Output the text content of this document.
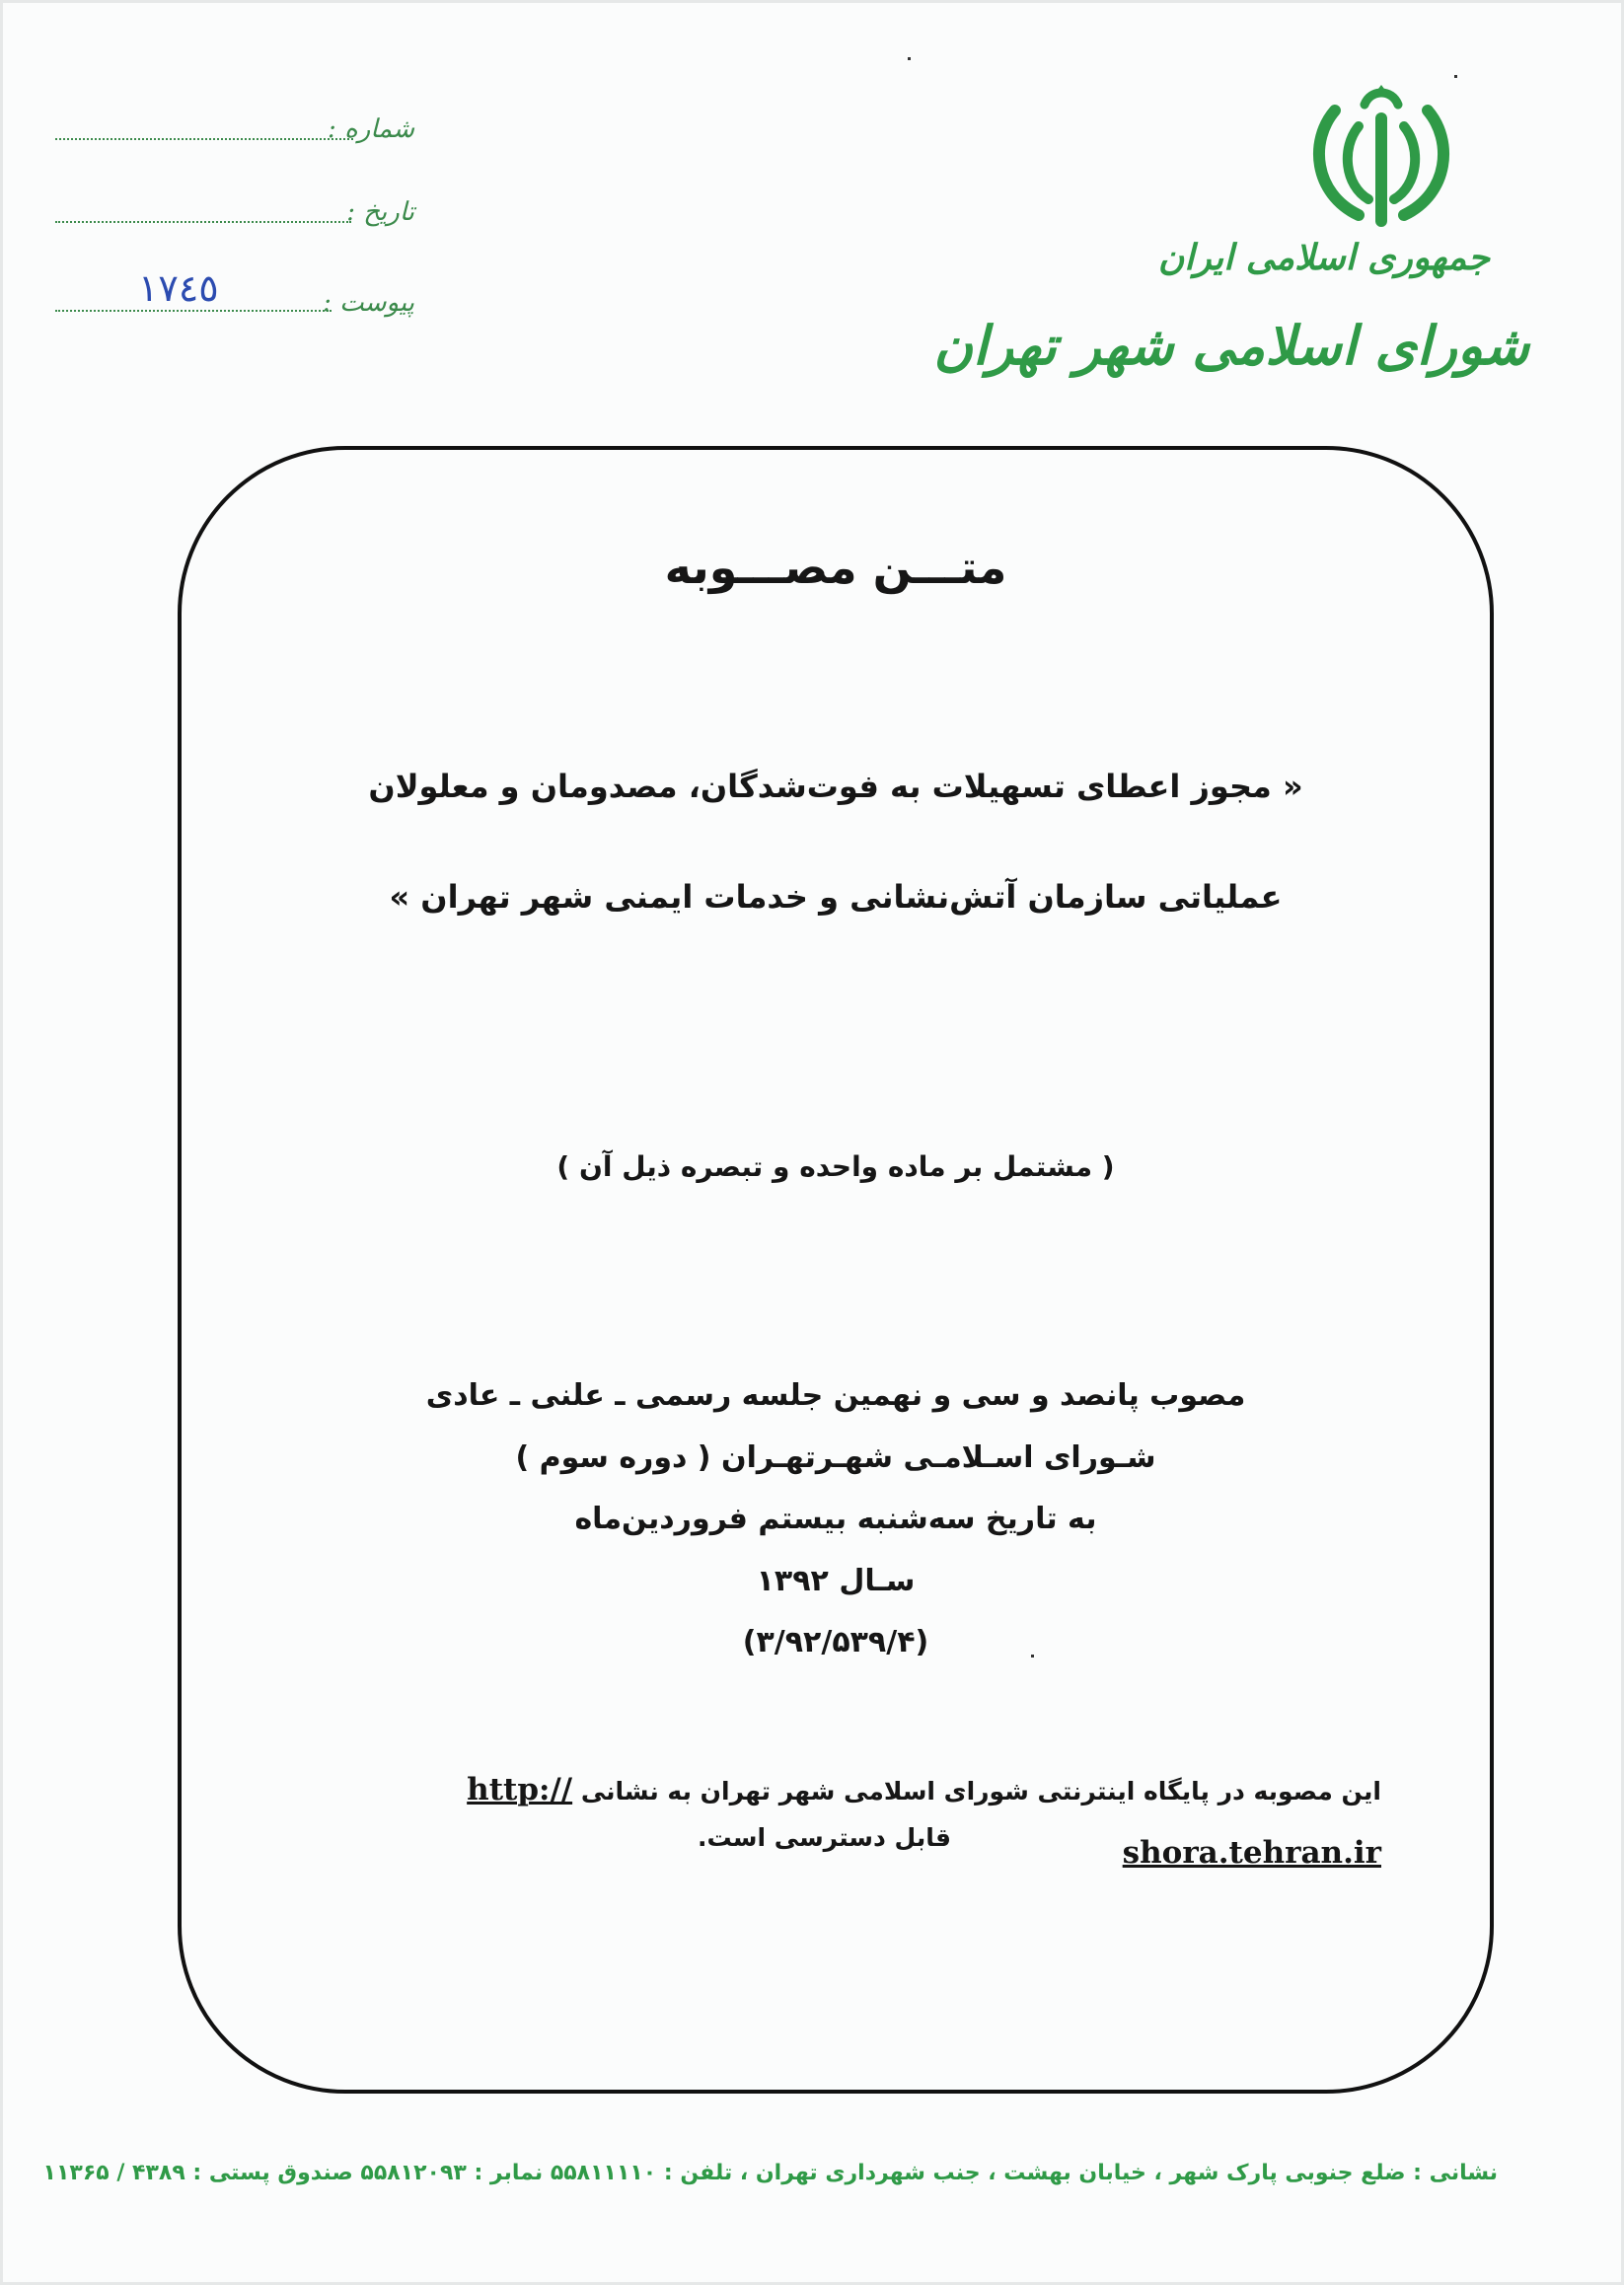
شماره :
تاریخ :
پیوست :
١٧٤٥
جمهوری اسلامی ایران
شورای اسلامی شهر تهران
متـــن مصـــوبه
« مجوز اعطای تسهیلات به فوت‌شدگان، مصدومان و معلولان
عملیاتی سازمان آتش‌نشانی و خدمات ایمنی شهر تهران »
( مشتمل بر ماده واحده و تبصره ذیل آن )
مصوب پانصد و سی و نهمین جلسه رسمی ـ علنی ـ عادی
شـورای اسـلامـی شهـرتهـران ( دوره سوم )
به تاریخ سه‌شنبه بیستم فروردین‌ماه
سـال ۱۳۹۲
(۳/۹۲/۵۳۹/۴)
این مصوبه در پایگاه اینترنتی شورای اسلامی شهر تهران به نشانی http:// shora.tehran.ir
قابل دسترسی است.
نشانی : ضلع جنوبی پارک شهر ، خیابان بهشت ، جنب شهرداری تهران ، تلفن : ۵۵۸۱۱۱۱۰ نمابر : ۵۵۸۱۲۰۹۳ صندوق پستی : ۴۳۸۹ / ۱۱۳۶۵
